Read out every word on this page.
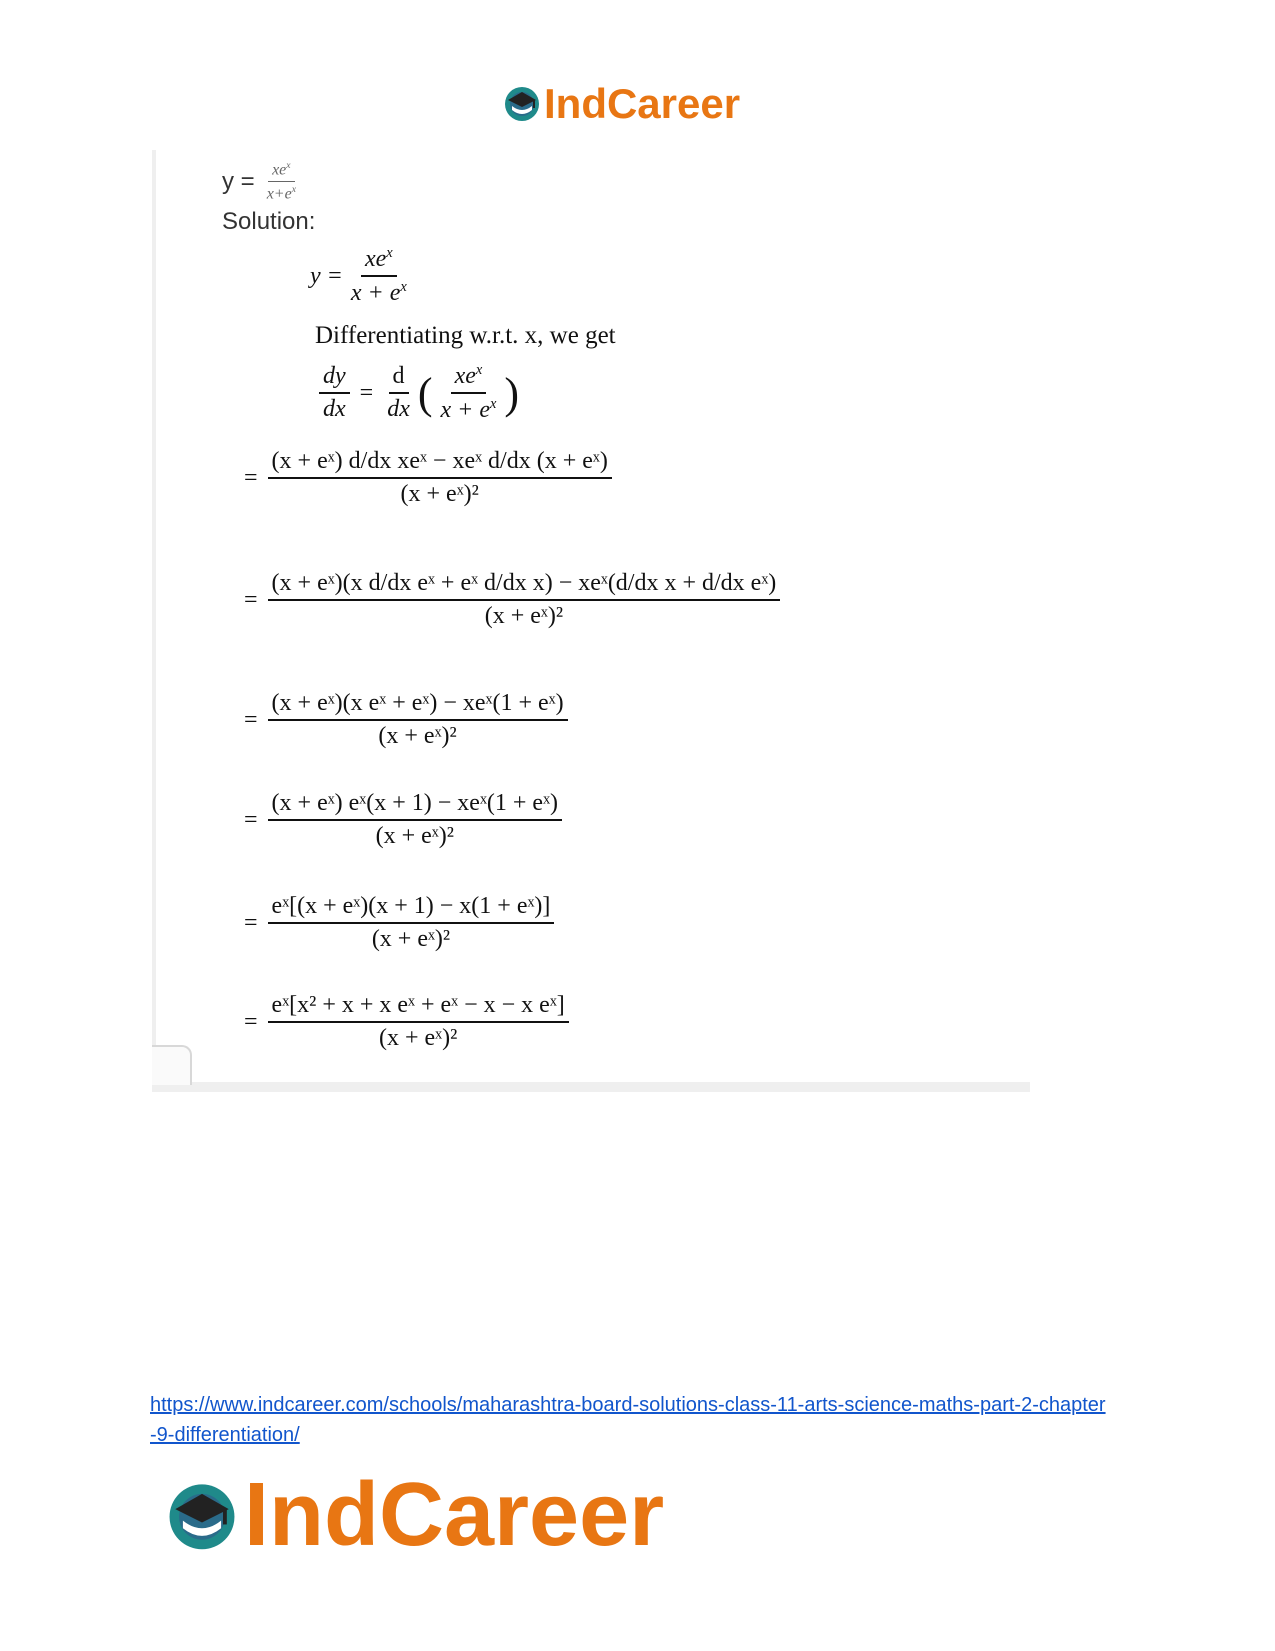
IndCareer
$y = \frac{xe^x}{x+e^x}$
Solution:
$y = \frac{xe^x}{x + e^x}$
Differentiating w.r.t. x, we get
$\frac{dy}{dx} = \frac{d}{dx}$ ( $\frac{xe^x}{x + e^x}$ )
= $\frac{\text{(x + eˣ) d/dx xeˣ − xeˣ d/dx (x + eˣ)}}{\text{(x + eˣ)²}}$
= $\frac{\text{(x + eˣ)(x d/dx eˣ + eˣ d/dx x) − xeˣ(d/dx x + d/dx eˣ)}}{\text{(x + eˣ)²}}$
= $\frac{\text{(x + eˣ)(x eˣ + eˣ) − xeˣ(1 + eˣ)}}{\text{(x + eˣ)²}}$
= $\frac{\text{(x + eˣ) eˣ(x + 1) − xeˣ(1 + eˣ)}}{\text{(x + eˣ)²}}$
= $\frac{\text{eˣ[(x + eˣ)(x + 1) − x(1 + eˣ)]}}{\text{(x + eˣ)²}}$
= $\frac{\text{eˣ[x² + x + x eˣ + eˣ − x − x eˣ]}}{\text{(x + eˣ)²}}$
https://www.indcareer.com/schools/maharashtra-board-solutions-class-11-arts-science-maths-part-2-chapter-9-differentiation/
IndCareer
